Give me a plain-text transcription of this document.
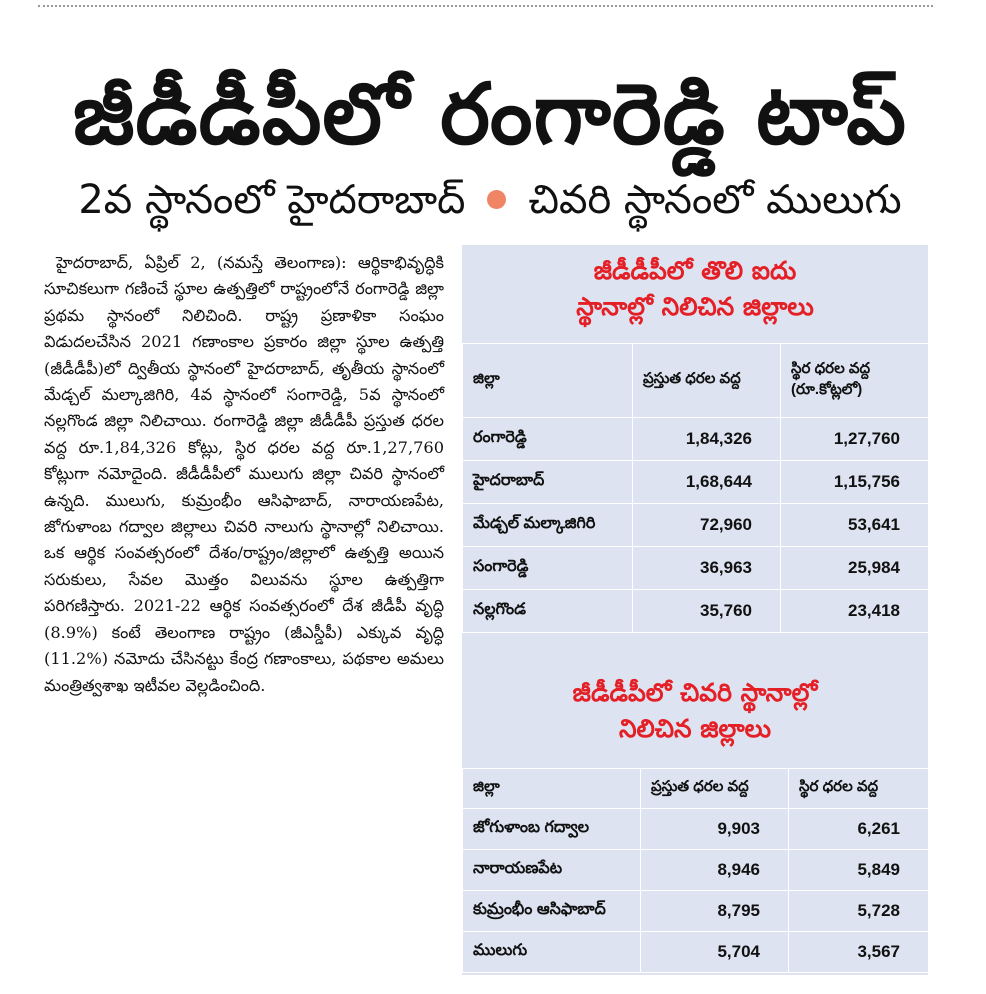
జీడీడీపీలో రంగారెడ్డి టాప్
2వ స్థానంలో హైదరాబాద్ చివరి స్థానంలో ములుగు

హైదరాబాద్, ఏప్రిల్ 2, (నమస్తే తెలంగాణ): ఆర్థికాభివృద్ధికి సూచికలుగా గణించే స్థూల ఉత్పత్తిలో రాష్ట్రంలోనే రంగారెడ్డి జిల్లా ప్రథమ స్థానంలో నిలిచింది. రాష్ట్ర ప్రణాళికా సంఘం విడుదలచేసిన 2021 గణాంకాల ప్రకారం జిల్లా స్థూల ఉత్పత్తి (జీడీడీపీ)లో ద్వితీయ స్థానంలో హైదరాబాద్, తృతీయ స్థానంలో మేడ్చల్ మల్కాజిగిరి, 4వ స్థానంలో సంగారెడ్డి, 5వ స్థానంలో నల్లగొండ జిల్లా నిలిచాయి. రంగారెడ్డి జిల్లా జీడీడీపీ ప్రస్తుత ధరల వద్ద రూ.1,84,326 కోట్లు, స్థిర ధరల వద్ద రూ.1,27,760 కోట్లుగా నమోదైంది. జీడీడీపీలో ములుగు జిల్లా చివరి స్థానంలో ఉన్నది. ములుగు, కుమ్రంభీం ఆసిఫాబాద్, నారాయణపేట, జోగుళాంబ గద్వాల జిల్లాలు చివరి నాలుగు స్థానాల్లో నిలిచాయి. ఒక ఆర్థిక సంవత్సరంలో దేశం/రాష్ట్రం/జిల్లాలో ఉత్పత్తి అయిన సరుకులు, సేవల మొత్తం విలువను స్థూల ఉత్పత్తిగా పరిగణిస్తారు. 2021-22 ఆర్థిక సంవత్సరంలో దేశ జీడీపీ వృద్ధి (8.9%) కంటే తెలంగాణ రాష్ట్రం (జీఎస్డీపీ) ఎక్కువ వృద్ధి (11.2%) నమోదు చేసినట్టు కేంద్ర గణాంకాలు, పథకాల అమలు మంత్రిత్వశాఖ ఇటీవల వెల్లడించింది.

జీడీడీపీలో తొలి ఐదు
స్థానాల్లో నిలిచిన జిల్లాలు
జిల్లా	ప్రస్తుత ధరల వద్ద	స్థిర ధరల వద్ద
(రూ.కోట్లలో)

రంగారెడ్డి	1,84,326	1,27,760
హైదరాబాద్	1,68,644	1,15,756
మేడ్చల్ మల్కాజిగిరి	72,960	53,641
సంగారెడ్డి	36,963	25,984
నల్లగొండ	35,760	23,418
జీడీడీపీలో చివరి స్థానాల్లో
నిలిచిన జిల్లాలు
జిల్లా	ప్రస్తుత ధరల వద్ద	స్థిర ధరల వద్ద
జోగుళాంబ గద్వాల	9,903	6,261
నారాయణపేట	8,946	5,849
కుమ్రంభీం ఆసిఫాబాద్	8,795	5,728
ములుగు	5,704	3,567
